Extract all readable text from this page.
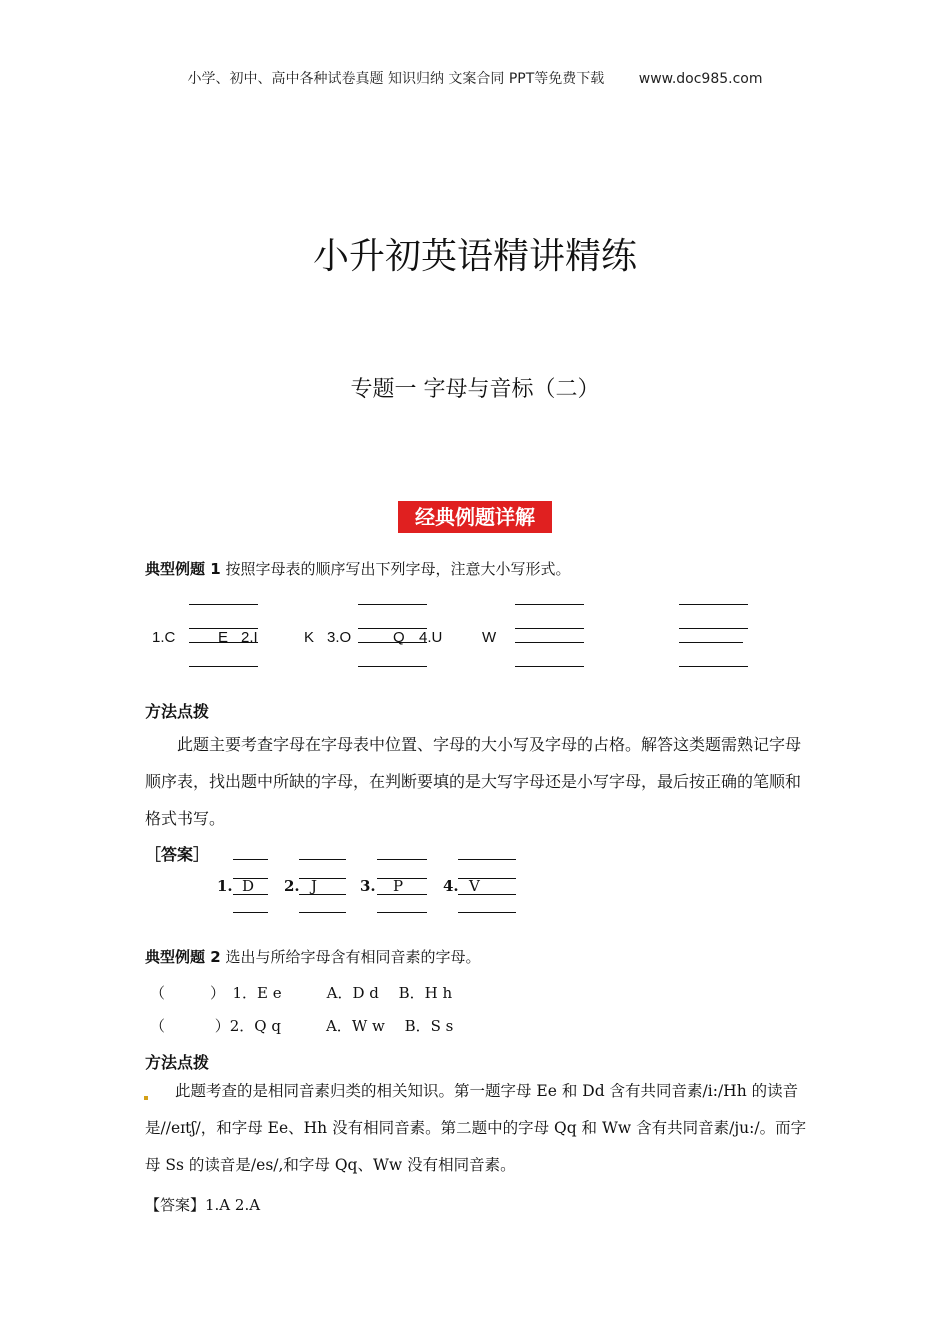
小学、初中、高中各种试卷真题 知识归纳 文案合同 PPT等免费下载 www.doc985.com
小升初英语精讲精练
专题一 字母与音标（二）
经典例题详解
典型例题 1 按照字母表的顺序写出下列字母，注意大小写形式。
1.C	E 2.I	K 3.O	Q 4.U	W
方法点拨
此题主要考查字母在字母表中位置、字母的大小写及字母的占格。解答这类题需熟记字母顺序表，找出题中所缺的字母，在判断要填的是大写字母还是小写字母，最后按正确的笔顺和格式书写。
［答案］
1. D 2. J	3. P	4. V
典型例题 2 选出与所给字母含有相同音素的字母。
（　　　）　1．E e　　　A．D d　 B．H h
（　　　 ）2．Q q　　　A．W w　 B．S s
方法点拨
此题考查的是相同音素归类的相关知识。第一题字母 Ee 和 Dd 含有共同音素/i:/Hh 的读音是//eɪtʃ/，和字母 Ee、Hh 没有相同音素。第二题中的字母 Qq 和 Ww 含有共同音素/ju:/。而字母 Ss 的读音是/es/,和字母 Qq、Ww 没有相同音素。
【答案】1.A 2.A
